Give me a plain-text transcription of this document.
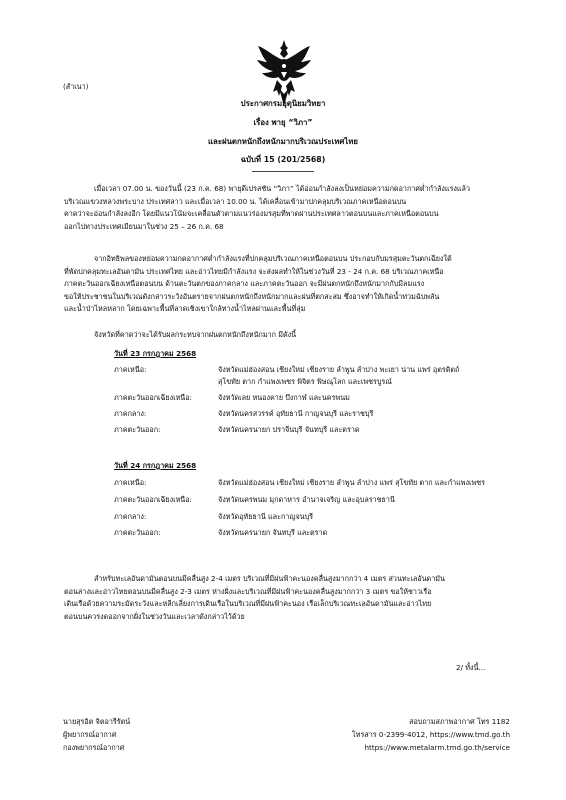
(สำเนา)
ประกาศกรมอุตุนิยมวิทยา
เรื่อง พายุ “วิภา”
และฝนตกหนักถึงหนักมากบริเวณประเทศไทย
ฉบับที่ 15 (201/2568)
เมื่อเวลา 07.00 น. ของวันนี้ (23 ก.ค. 68) พายุดีเปรสชัน “วิภา” ได้อ่อนกำลังลงเป็นหย่อมความกดอากาศต่ำกำลังแรงแล้ว
บริเวณแขวงหลวงพระบาง ประเทศลาว และเมื่อเวลา 10.00 น. ได้เคลื่อนเข้ามาปกคลุมบริเวณภาคเหนือตอนบน
คาดว่าจะอ่อนกำลังลงอีก โดยมีแนวโน้มจะเคลื่อนตัวตามแนวร่องมรสุมที่พาดผ่านประเทศลาวตอนบนและภาคเหนือตอนบน
ออกไปทางประเทศเมียนมาในช่วง 25 – 26 ก.ค. 68
จากอิทธิพลของหย่อมความกดอากาศต่ำกำลังแรงที่ปกคลุมบริเวณภาคเหนือตอนบน ประกอบกับมรสุมตะวันตกเฉียงใต้
ที่พัดปกคลุมทะเลอันดามัน ประเทศไทย และอ่าวไทยมีกำลังแรง จะส่งผลทำให้ในช่วงวันที่ 23 - 24 ก.ค. 68 บริเวณภาคเหนือ
ภาคตะวันออกเฉียงเหนือตอนบน ด้านตะวันตกของภาคกลาง และภาคตะวันออก จะมีฝนตกหนักถึงหนักมากกับมีลมแรง
ขอให้ประชาชนในบริเวณดังกล่าวระวังอันตรายจากฝนตกหนักถึงหนักมากและฝนที่ตกสะสม ซึ่งอาจทำให้เกิดน้ำท่วมฉับพลัน
และน้ำป่าไหลหลาก โดยเฉพาะพื้นที่ลาดเชิงเขาใกล้ทางน้ำไหลผ่านและพื้นที่ลุ่ม
จังหวัดที่คาดว่าจะได้รับผลกระทบจากฝนตกหนักถึงหนักมาก มีดังนี้
วันที่ 23 กรกฎาคม 2568
ภาคเหนือ:	จังหวัดแม่ฮ่องสอน เชียงใหม่ เชียงราย ลำพูน ลำปาง พะเยา น่าน แพร่ อุตรดิตถ์
สุโขทัย ตาก กำแพงเพชร พิจิตร พิษณุโลก และเพชรบูรณ์
ภาคตะวันออกเฉียงเหนือ:	จังหวัดเลย หนองคาย บึงกาฬ และนครพนม
ภาคกลาง:	จังหวัดนครสวรรค์ อุทัยธานี กาญจนบุรี และราชบุรี
ภาคตะวันออก:	จังหวัดนครนายก ปราจีนบุรี จันทบุรี และตราด
วันที่ 24 กรกฎาคม 2568
ภาคเหนือ:	จังหวัดแม่ฮ่องสอน เชียงใหม่ เชียงราย ลำพูน ลำปาง แพร่ สุโขทัย ตาก และกำแพงเพชร
ภาคตะวันออกเฉียงเหนือ:	จังหวัดนครพนม มุกดาหาร อำนาจเจริญ และอุบลราชธานี
ภาคกลาง:	จังหวัดอุทัยธานี และกาญจนบุรี
ภาคตะวันออก:	จังหวัดนครนายก จันทบุรี และตราด
สำหรับทะเลอันดามันตอนบนมีคลื่นสูง 2-4 เมตร บริเวณที่มีฝนฟ้าคะนองคลื่นสูงมากกว่า 4 เมตร ส่วนทะเลอันดามัน
ตอนล่างและอ่าวไทยตอนบนมีคลื่นสูง 2-3 เมตร ห่างฝั่งและบริเวณที่มีฝนฟ้าคะนองคลื่นสูงมากกว่า 3 เมตร ขอให้ชาวเรือ
เดินเรือด้วยความระมัดระวังและหลีกเลี่ยงการเดินเรือในบริเวณที่มีฝนฟ้าคะนอง เรือเล็กบริเวณทะเลอันดามันและอ่าวไทย
ตอนบนควรงดออกจากฝั่งในช่วงวันและเวลาดังกล่าวไว้ด้วย
2/ ทั้งนี้...
นายสุรอิต จิตอารีรัตน์
ผู้พยากรณ์อากาศ
กองพยากรณ์อากาศ
สอบถามสภาพอากาศ โทร 1182
โทรสาร 0-2399-4012, https://www.tmd.go.th
https://www.metalarm.tmd.go.th/service
